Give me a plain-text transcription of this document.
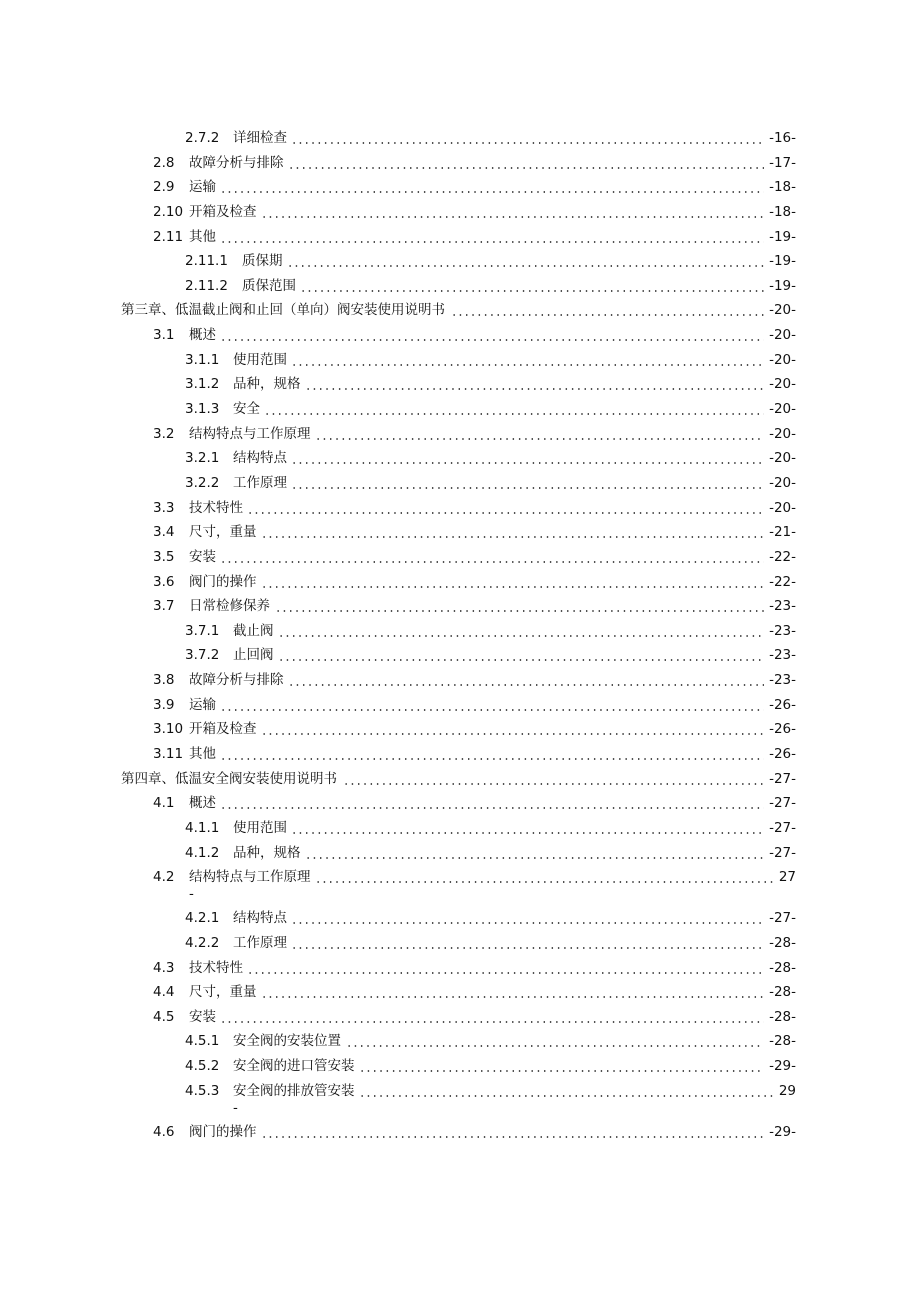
2.7.2 详细检查	-16-
2.8 故障分析与排除	-17-
2.9 运输	-18-
2.10 开箱及检查	-18-
2.11 其他	-19-
2.11.1 质保期	-19-
2.11.2 质保范围	-19-
第三章、低温截止阀和止回（单向）阀安装使用说明书	-20-
3.1 概述	-20-
3.1.1 使用范围	-20-
3.1.2 品种，规格	-20-
3.1.3 安全	-20-
3.2 结构特点与工作原理	-20-
3.2.1 结构特点	-20-
3.2.2 工作原理	-20-
3.3 技术特性	-20-
3.4 尺寸，重量	-21-
3.5 安装	-22-
3.6 阀门的操作	-22-
3.7 日常检修保养	-23-
3.7.1 截止阀	-23-
3.7.2 止回阀	-23-
3.8 故障分析与排除	-23-
3.9 运输	-26-
3.10 开箱及检查	-26-
3.11 其他	-26-
第四章、低温安全阀安装使用说明书	-27-
4.1 概述	-27-
4.1.1 使用范围	-27-
4.1.2 品种，规格	-27-
4.2 结构特点与工作原理	27
-
4.2.1 结构特点	-27-
4.2.2 工作原理	-28-
4.3 技术特性	-28-
4.4 尺寸，重量	-28-
4.5 安装	-28-
4.5.1 安全阀的安装位置	-28-
4.5.2 安全阀的进口管安装	-29-
4.5.3 安全阀的排放管安装	29
-
4.6 阀门的操作	-29-
